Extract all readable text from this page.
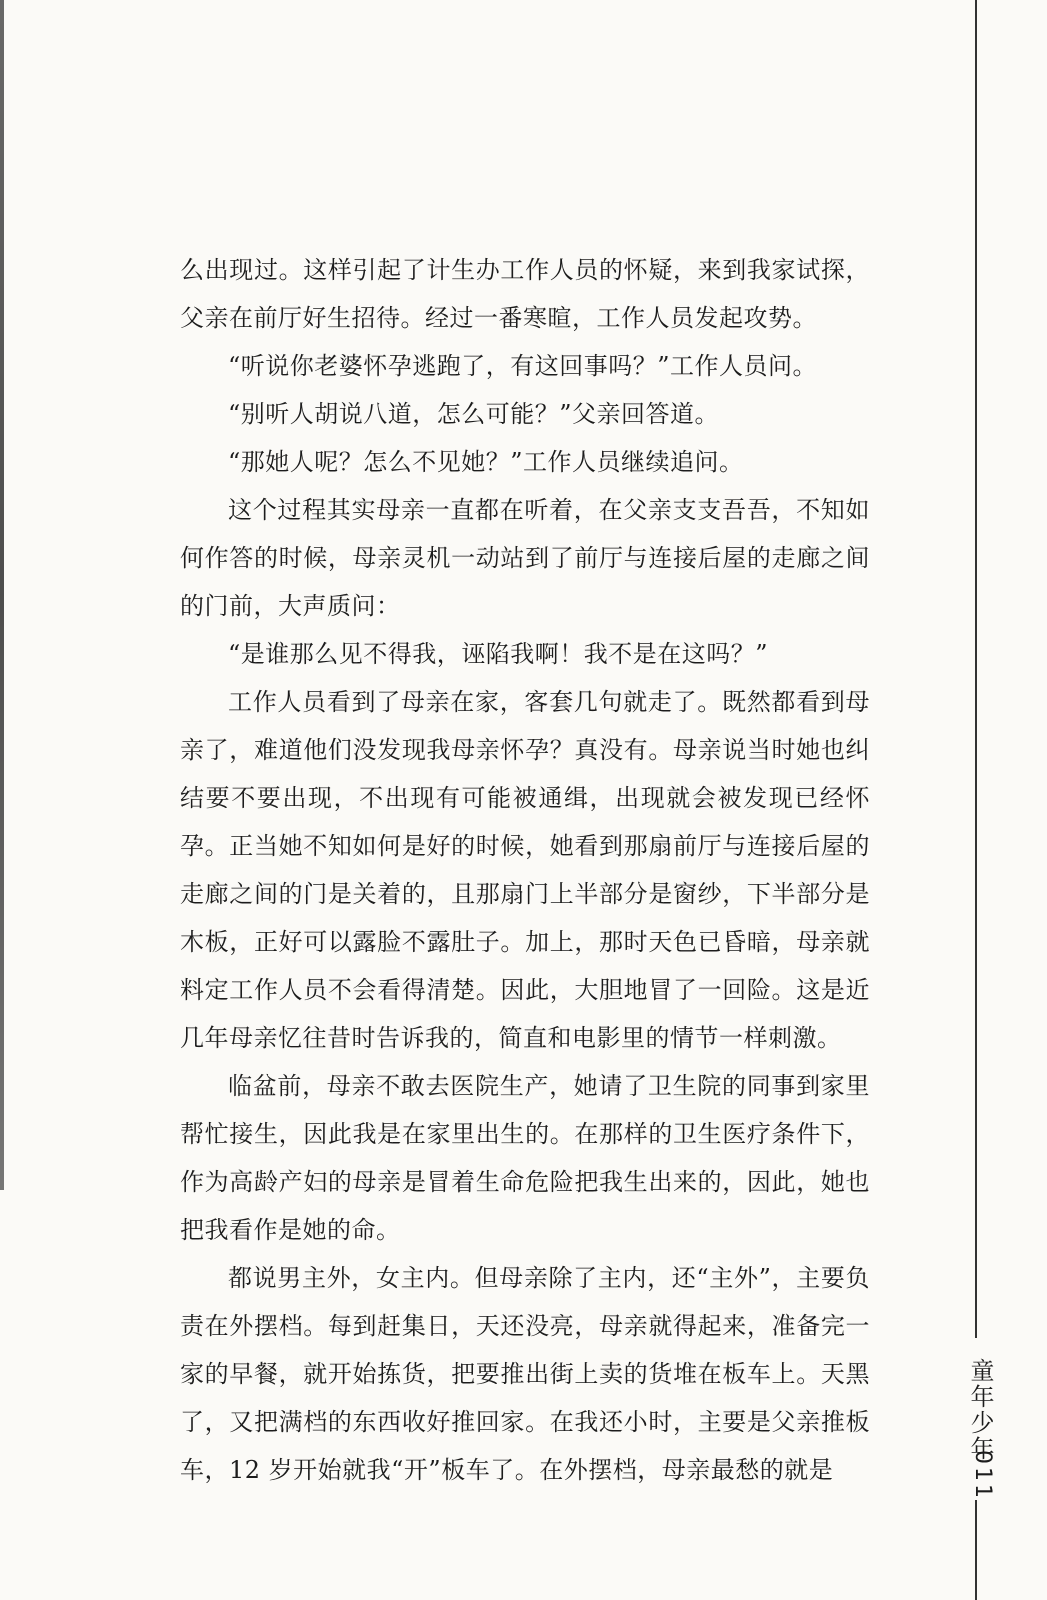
么出现过。这样引起了计生办工作人员的怀疑，来到我家试探，父亲在前厅好生招待。经过一番寒暄，工作人员发起攻势。

“听说你老婆怀孕逃跑了，有这回事吗？”工作人员问。

“别听人胡说八道，怎么可能？”父亲回答道。

“那她人呢？怎么不见她？”工作人员继续追问。

这个过程其实母亲一直都在听着，在父亲支支吾吾，不知如何作答的时候，母亲灵机一动站到了前厅与连接后屋的走廊之间的门前，大声质问：

“是谁那么见不得我，诬陷我啊！我不是在这吗？”

工作人员看到了母亲在家，客套几句就走了。既然都看到母亲了，难道他们没发现我母亲怀孕？真没有。母亲说当时她也纠结要不要出现，不出现有可能被通缉，出现就会被发现已经怀孕。正当她不知如何是好的时候，她看到那扇前厅与连接后屋的走廊之间的门是关着的，且那扇门上半部分是窗纱，下半部分是木板，正好可以露脸不露肚子。加上，那时天色已昏暗，母亲就料定工作人员不会看得清楚。因此，大胆地冒了一回险。这是近几年母亲忆往昔时告诉我的，简直和电影里的情节一样刺激。

临盆前，母亲不敢去医院生产，她请了卫生院的同事到家里帮忙接生，因此我是在家里出生的。在那样的卫生医疗条件下，作为高龄产妇的母亲是冒着生命危险把我生出来的，因此，她也把我看作是她的命。

都说男主外，女主内。但母亲除了主内，还“主外”，主要负责在外摆档。每到赶集日，天还没亮，母亲就得起来，准备完一家的早餐，就开始拣货，把要推出街上卖的货堆在板车上。天黑了，又把满档的东西收好推回家。在我还小时，主要是父亲推板车，12 岁开始就我“开”板车了。在外摆档，母亲最愁的就是

童年少年
011
